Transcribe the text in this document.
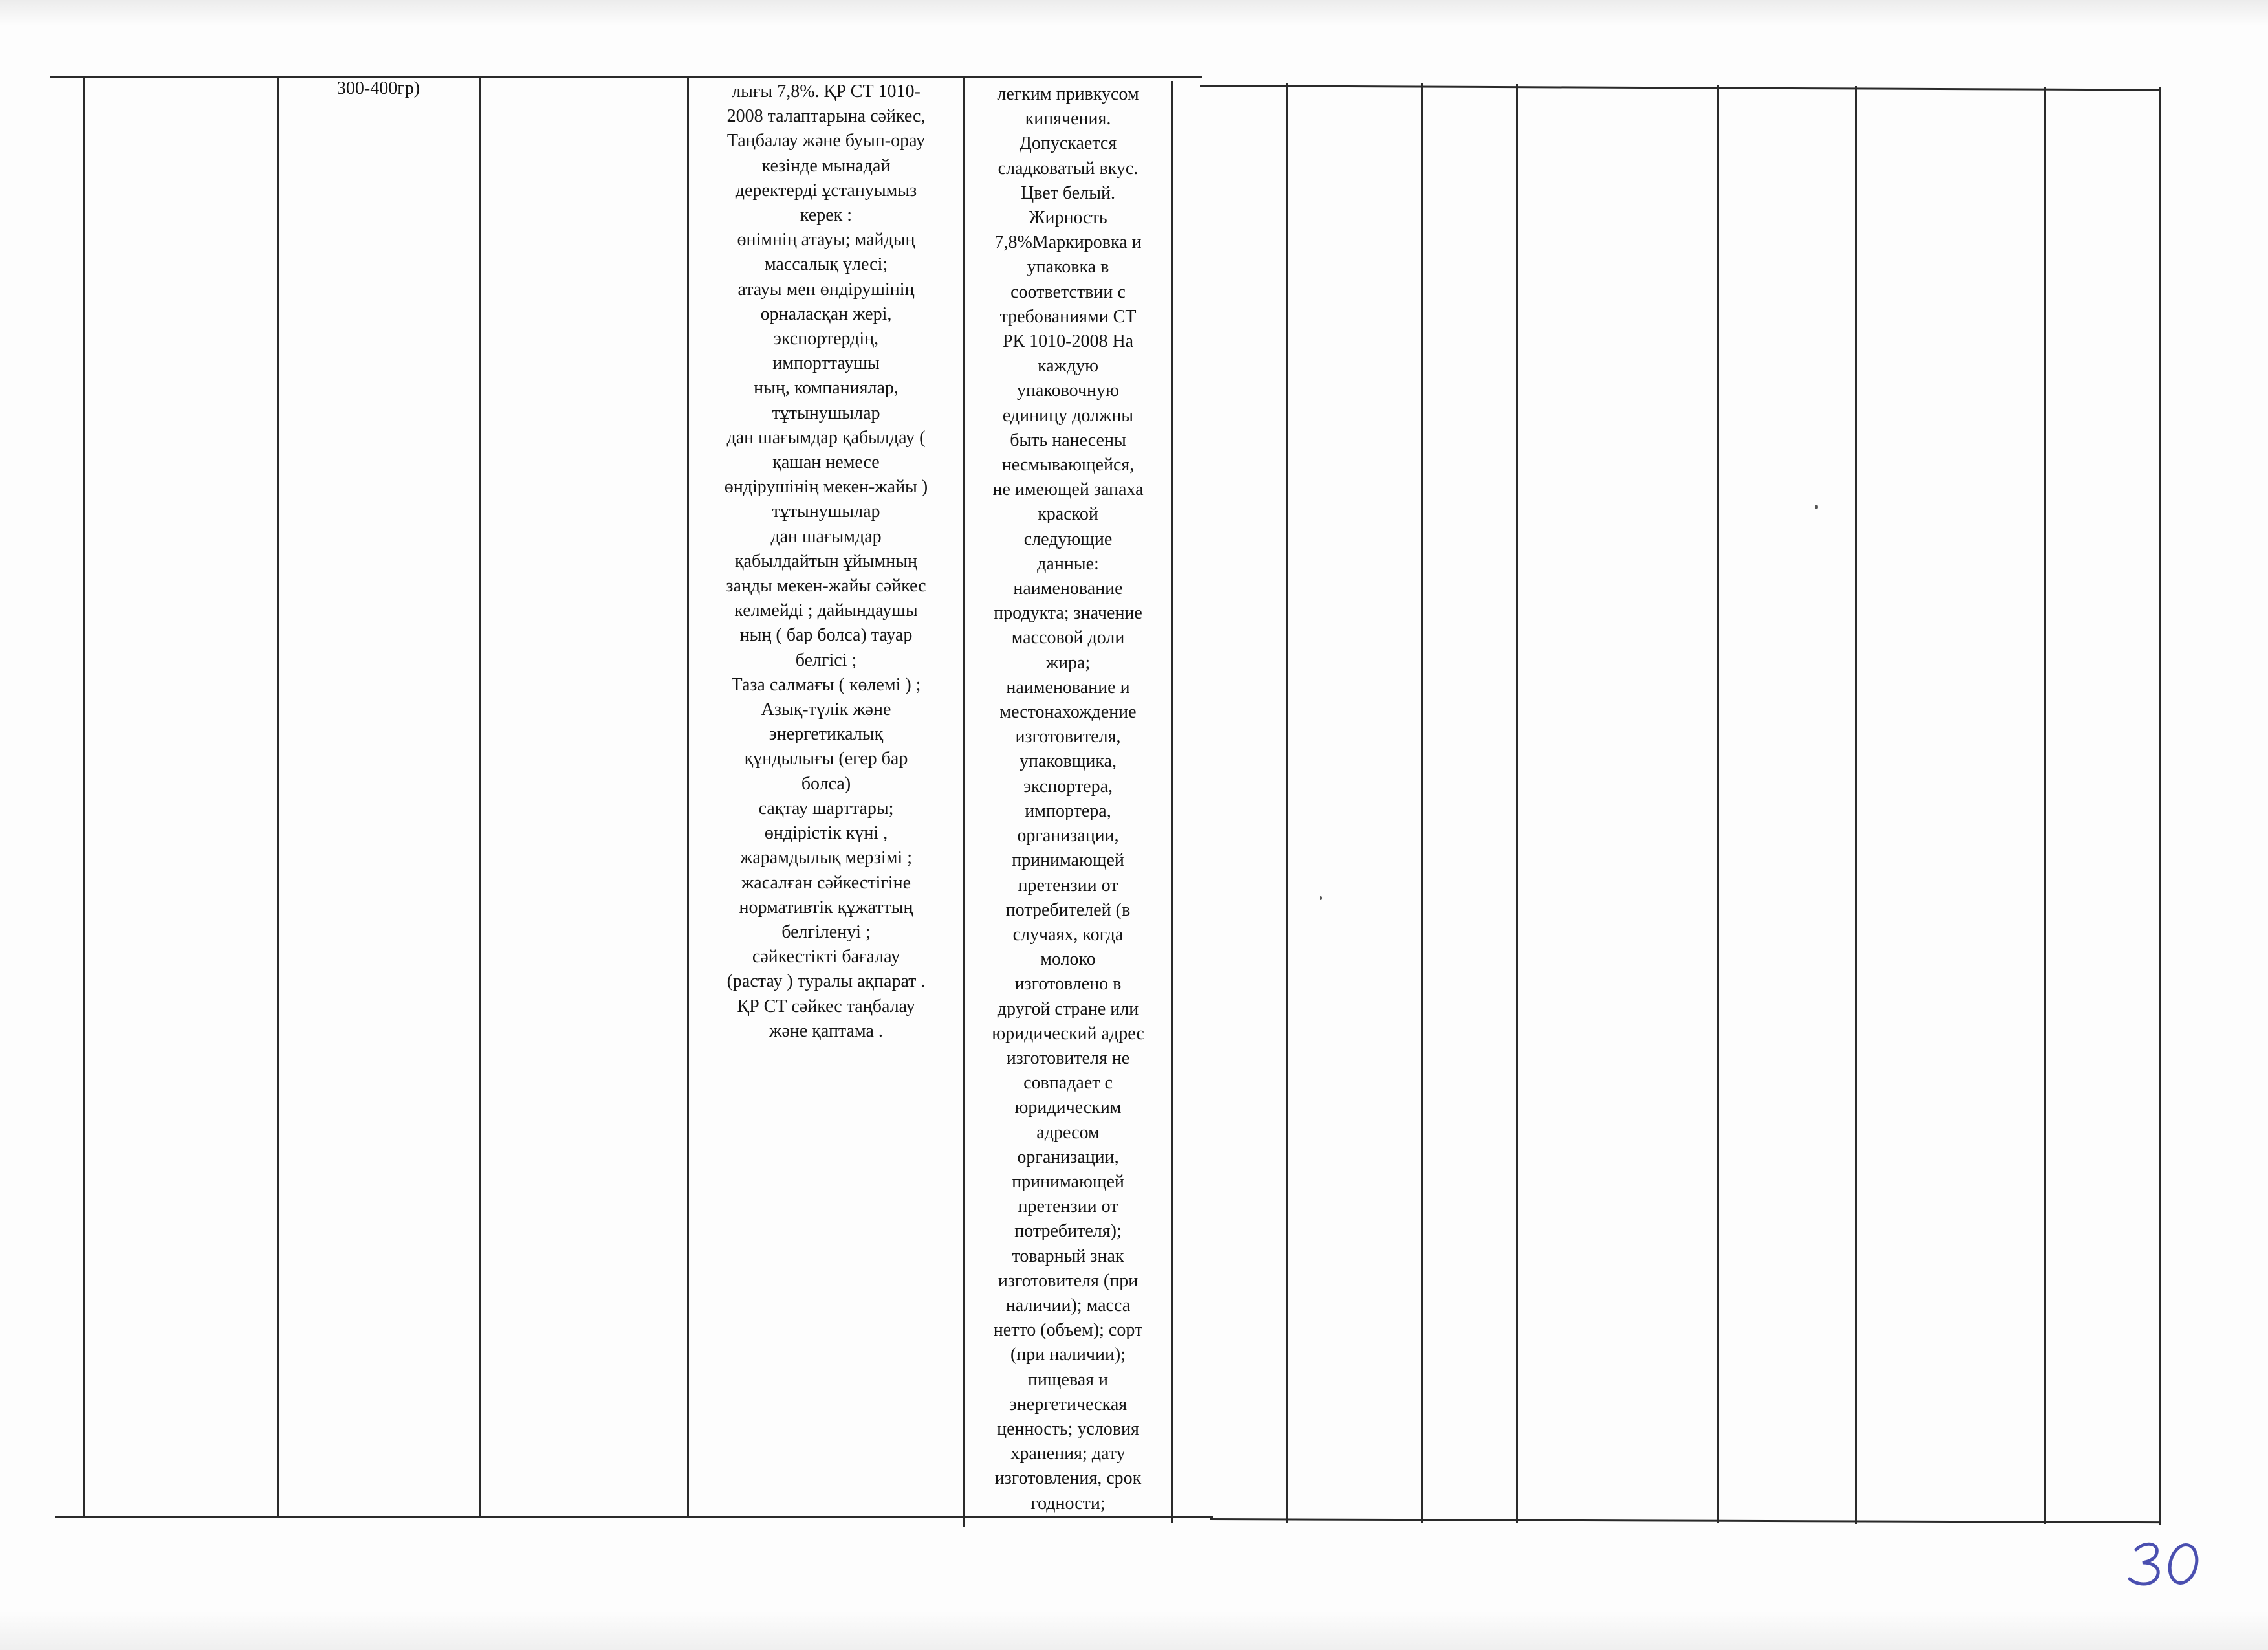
300-400гр)	лығы 7,8%. ҚР СТ 1010-
2008 талаптарына сәйкес,
Таңбалау және буып-орау
кезінде мынадай
деректерді ұстануымыз
керек :
өнімнің атауы; майдың
массалық үлесі;
атауы мен өндірушінің
орналасқан жері,
экспортердің,
импорттаушы
ның, компаниялар,
тұтынушылар
дан шағымдар қабылдау (
қашан немесе
өндірушінің мекен-жайы )
тұтынушылар
дан шағымдар
қабылдайтын ұйымның
заңды мекен-жайы сәйкес
келмейді ; дайындаушы
ның ( бар болса) тауар
белгісі ;
Таза салмағы ( көлемі ) ;
Азық-түлік және
энергетикалық
құндылығы (егер бар
болса)
сақтау шарттары;
өндірістік күні ,
жарамдылық мерзімі ;
жасалған сәйкестігіне
нормативтік құжаттың
белгіленуі ;
сәйкестікті бағалау
(растау ) туралы ақпарат .
ҚР СТ сәйкес таңбалау
және қаптама .
легким привкусом
кипячения.
Допускается
сладковатый вкус.
Цвет белый.
Жирность
7,8%Маркировка и
упаковка в
соответствии с
требованиями СТ
РК 1010-2008 На
каждую
упаковочную
единицу должны
быть нанесены
несмывающейся,
не имеющей запаха
краской
следующие
данные:
наименование
продукта; значение
массовой доли
жира;
наименование и
местонахождение
изготовителя,
упаковщика,
экспортера,
импортера,
организации,
принимающей
претензии от
потребителей (в
случаях, когда
молоко
изготовлено в
другой стране или
юридический адрес
изготовителя не
совпадает с
юридическим
адресом
организации,
принимающей
претензии от
потребителя);
товарный знак
изготовителя (при
наличии); масса
нетто (объем); сорт
(при наличии);
пищевая и
энергетическая
ценность; условия
хранения; дату
изготовления, срок
годности;
